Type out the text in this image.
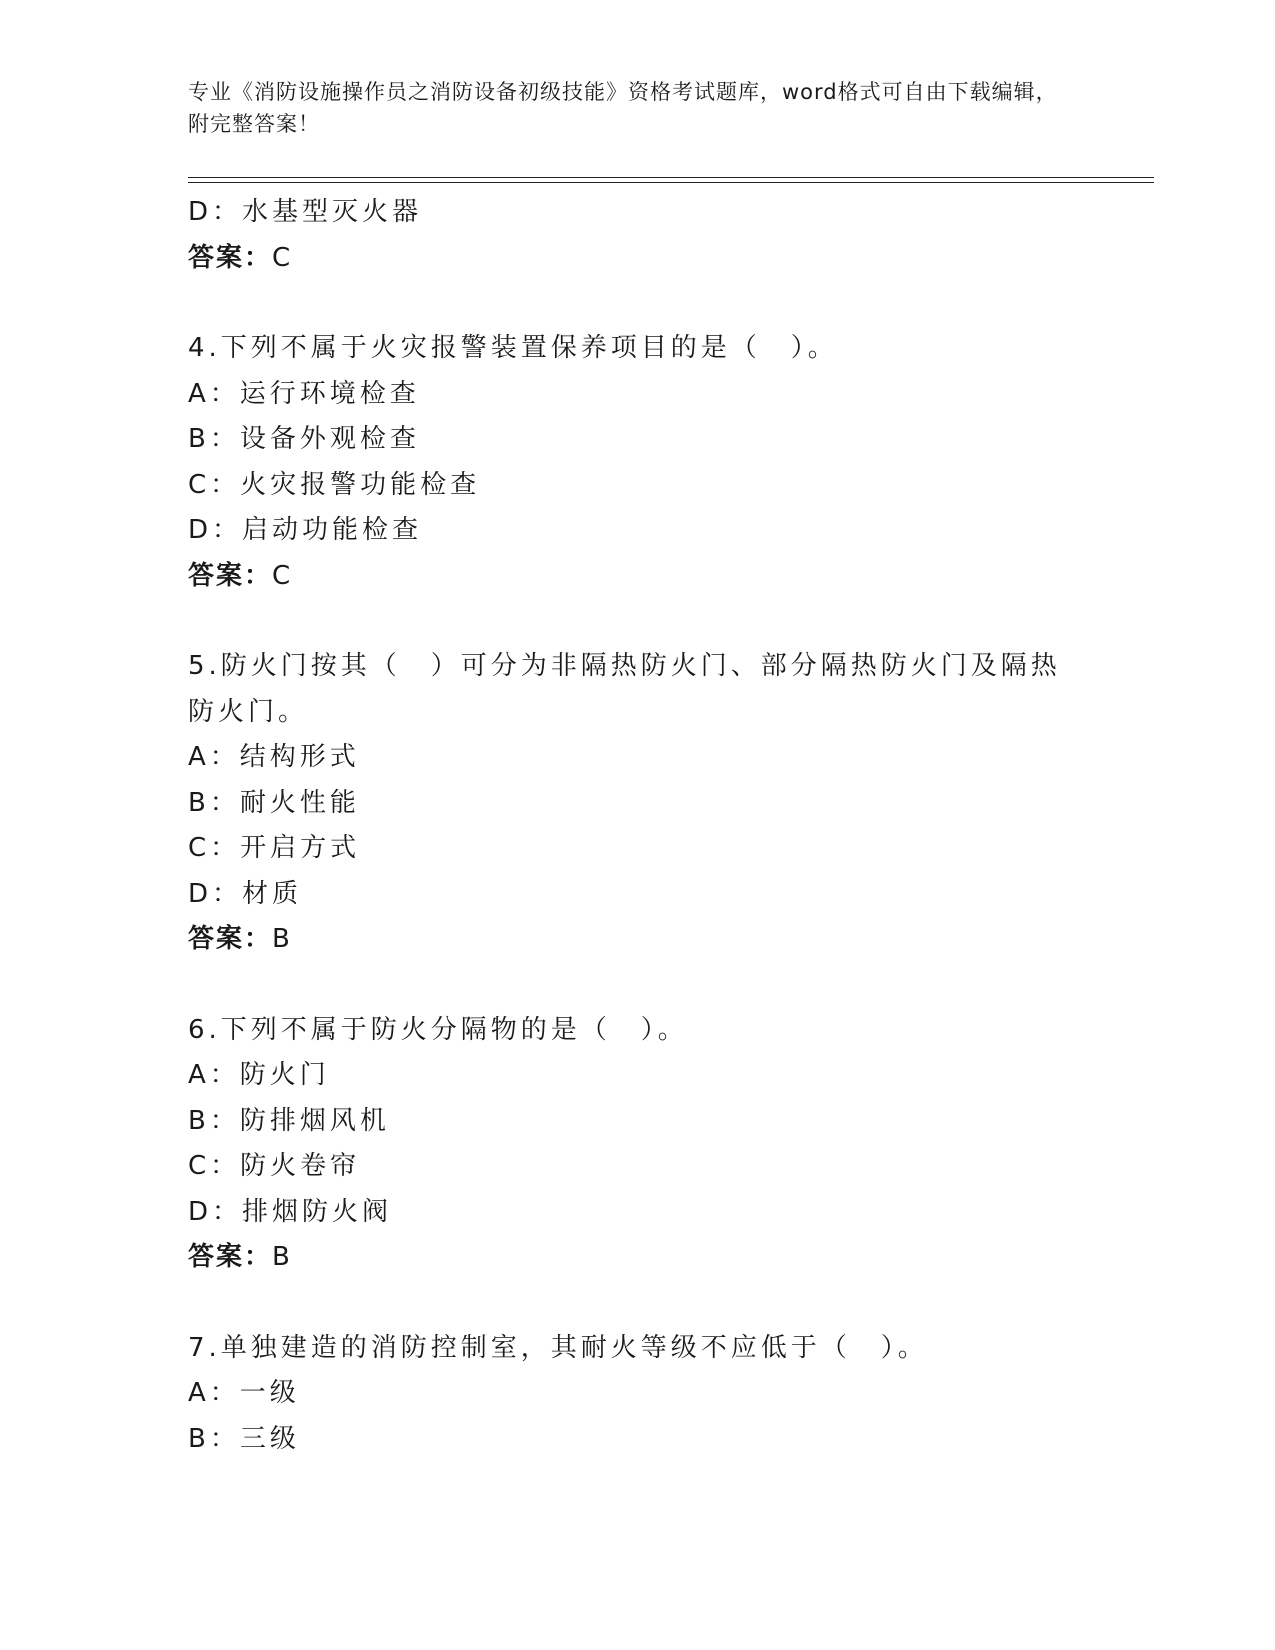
专业《消防设施操作员之消防设备初级技能》资格考试题库，word格式可自由下载编辑，附完整答案！
D：水基型灭火器
答案：C
4.下列不属于火灾报警装置保养项目的是（　）。
A：运行环境检查
B：设备外观检查
C：火灾报警功能检查
D：启动功能检查
答案：C
5.防火门按其（　）可分为非隔热防火门、部分隔热防火门及隔热防火门。
A：结构形式
B：耐火性能
C：开启方式
D：材质
答案：B
6.下列不属于防火分隔物的是（　）。
A：防火门
B：防排烟风机
C：防火卷帘
D：排烟防火阀
答案：B
7.单独建造的消防控制室，其耐火等级不应低于（　）。
A：一级
B：三级
